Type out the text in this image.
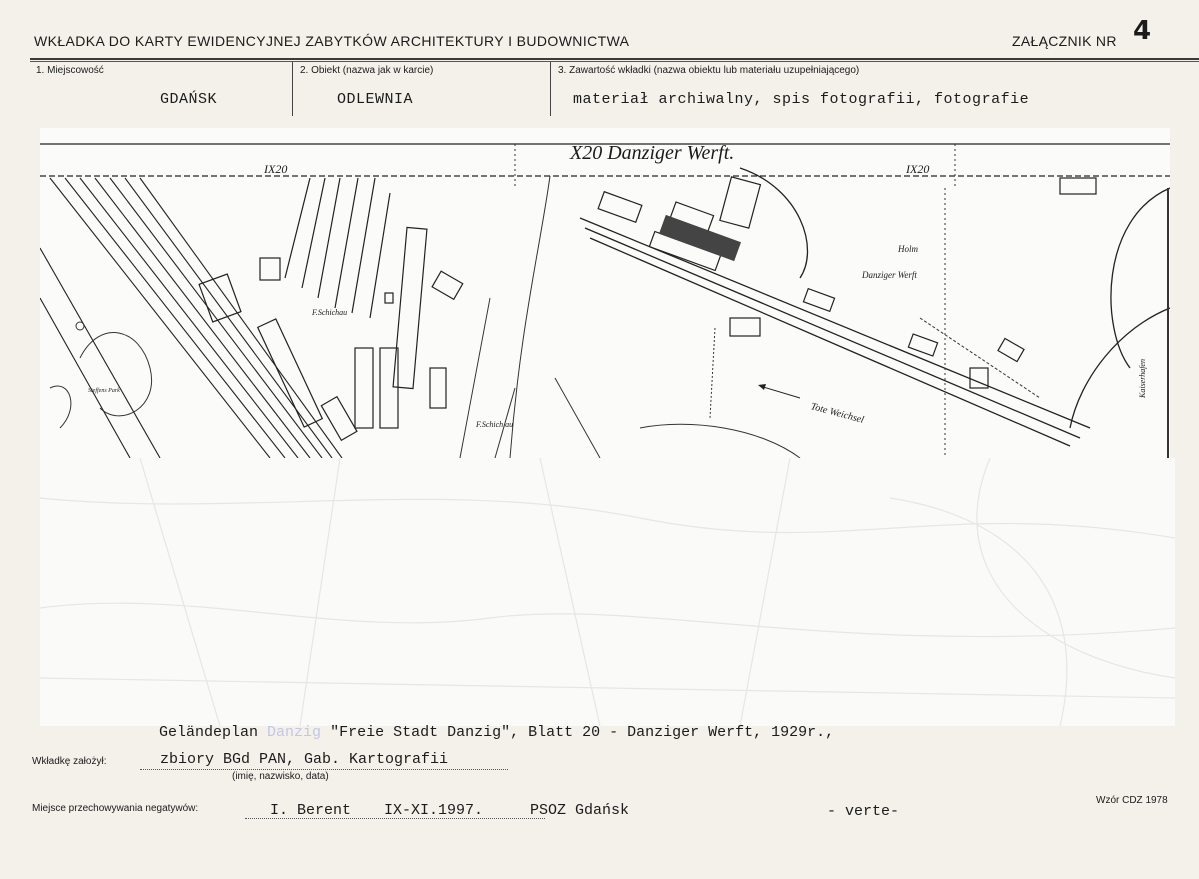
WKŁADKA DO KARTY EWIDENCYJNEJ ZABYTKÓW ARCHITEKTURY I BUDOWNICTWA	ZAŁĄCZNIK NR 4
1. Miejscowość
GDAŃSK
2. Obiekt (nazwa jak w karcie)
ODLEWNIA
3. Zawartość wkładki (nazwa obiektu lub materiału uzupełniającego)
materiał archiwalny, spis fotografii, fotografie
X20 Danziger Werft.
IX20	IX20
F.Schichau
F.Schich au
Holm
Danziger Werft
Tote Weichsel
Kaiserhafen
Steffens Park
Geländeplan Danzig "Freie Stadt Danzig", Blatt 20 - Danziger Werft, 1929r.,
Wkładkę założył:	zbiory BGd PAN, Gab. Kartografii
(imię, nazwisko, data)
Miejsce przechowywania negatywów:	I. Berent IX-XI.1997.	PSOZ Gdańsk	- verte-
Wzór CDZ 1978
